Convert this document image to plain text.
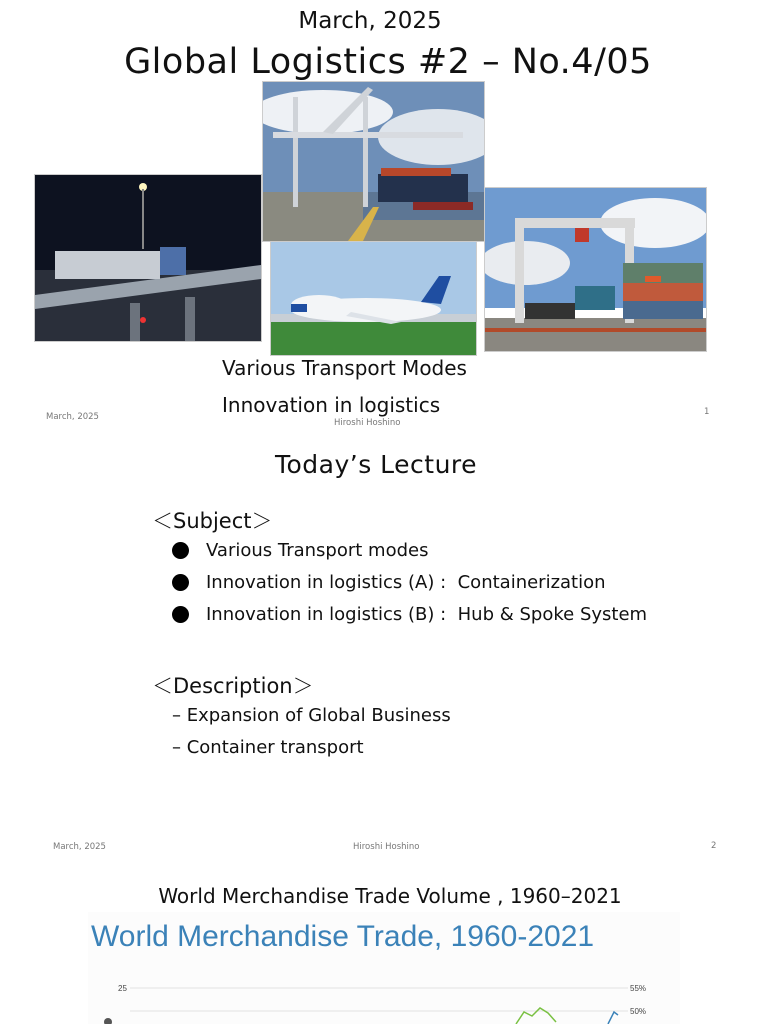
March, 2025
Global Logistics #2 – No.4/05
Various Transport Modes
Innovation in logistics
March, 2025
Hiroshi Hoshino
1
Today’s Lecture
＜Subject＞
Various Transport modes
Innovation in logistics (A) :  Containerization
Innovation in logistics (B) :  Hub & Spoke System
＜Description＞
– Expansion of Global Business
– Container transport
March, 2025	Hiroshi Hoshino	2
World Merchandise Trade Volume , 1960–2021
World Merchandise Trade, 1960-2021
25	55%
50%
